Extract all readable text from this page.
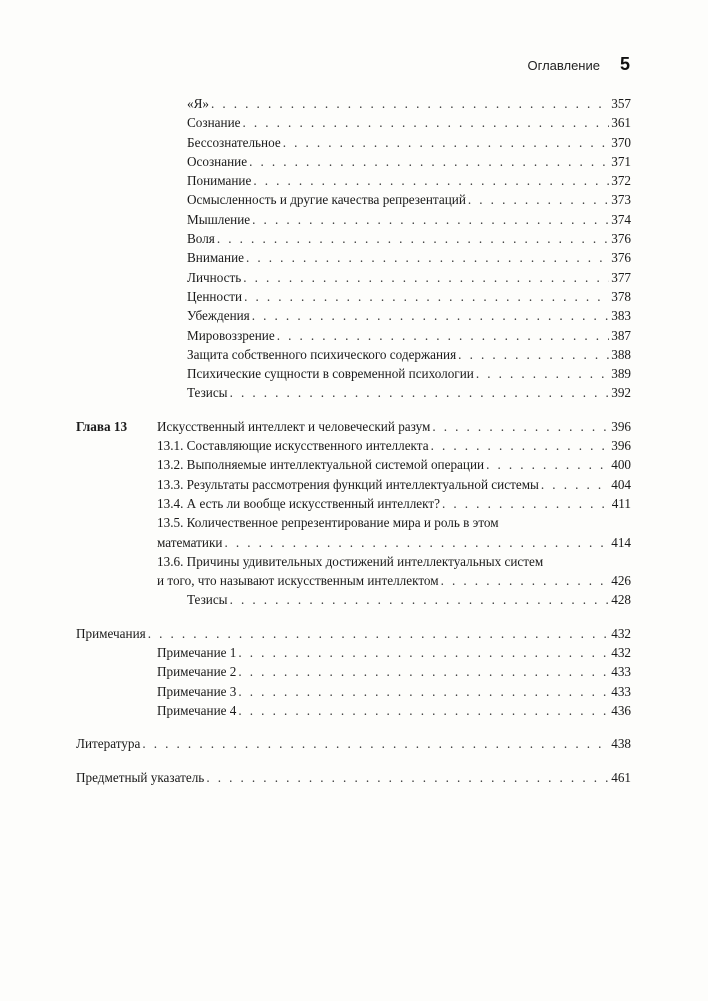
Оглавление 5
«Я» . . .	357
Сознание . . .	361
Бессознательное . . .	370
Осознание . . .	371
Понимание . . .	372
Осмысленность и другие качества репрезентаций . . .	373
Мышление . . .	374
Воля . . .	376
Внимание . . .	376
Личность . . .	377
Ценности . . .	378
Убеждения . . .	383
Мировоззрение . . .	387
Защита собственного психического содержания . . .	388
Психические сущности в современной психологии . . .	389
Тезисы . . .	392
Глава 13 Искусственный интеллект и человеческий разум . . .	396
13.1. Составляющие искусственного интеллекта . . .	396
13.2. Выполняемые интеллектуальной системой операции . . .	400
13.3. Результаты рассмотрения функций интеллектуальной системы . . .	404
13.4. А есть ли вообще искусственный интеллект? . . .	411
13.5. Количественное репрезентирование мира и роль в этом
математики . . .	414
13.6. Причины удивительных достижений интеллектуальных систем
и того, что называют искусственным интеллектом . . .	426
Тезисы . . .	428
Примечания . . .	432
Примечание 1 . . .	432
Примечание 2 . . .	433
Примечание 3 . . .	433
Примечание 4 . . .	436
Литература . . .	438
Предметный указатель . . .	461
